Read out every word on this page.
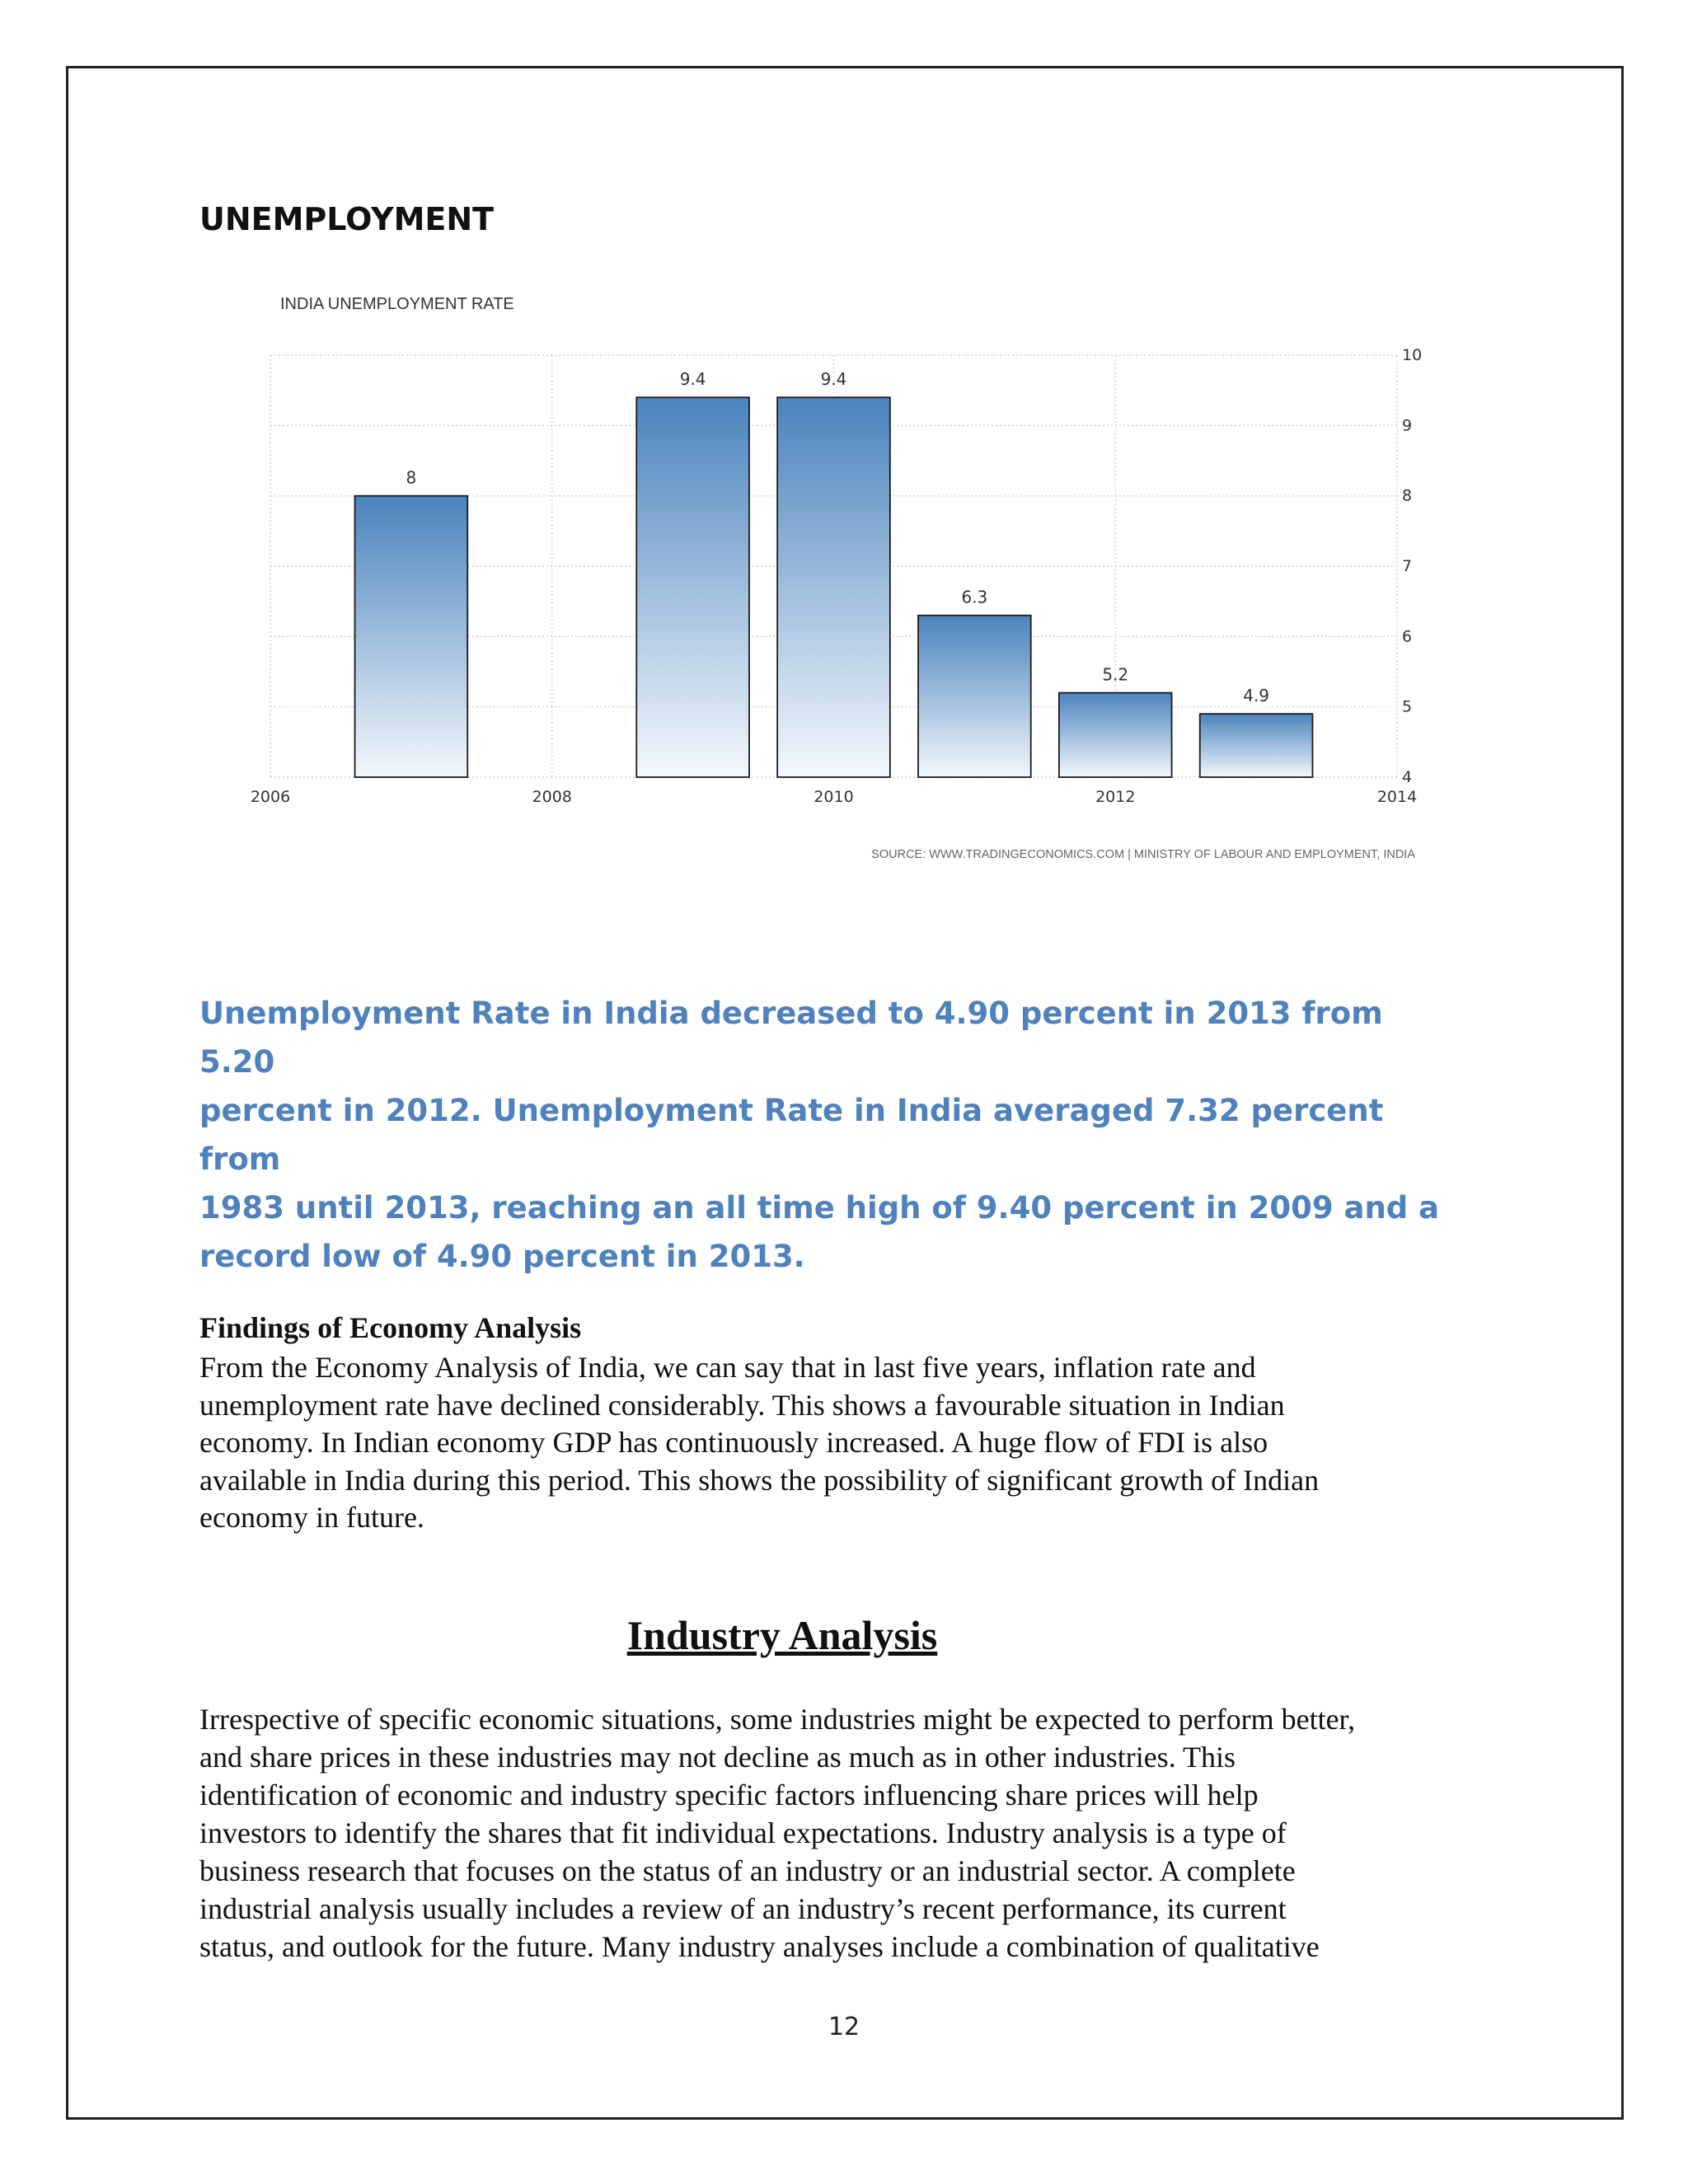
UNEMPLOYMENT
INDIA UNEMPLOYMENT RATE
8
9.4	9.4
6.3
5.2
4.9
2006	2008	2010	2012	2014
4
5
6
7
8
9
10
SOURCE: WWW.TRADINGECONOMICS.COM | MINISTRY OF LABOUR AND EMPLOYMENT, INDIA
Unemployment Rate in India decreased to 4.90 percent in 2013 from 5.20
percent in 2012. Unemployment Rate in India averaged 7.32 percent from
1983 until 2013, reaching an all time high of 9.40 percent in 2009 and a
record low of 4.90 percent in 2013.
Findings of Economy Analysis
From the Economy Analysis of India, we can say that in last five years, inflation rate and
unemployment rate have declined considerably. This shows a favourable situation in Indian
economy. In Indian economy GDP has continuously increased. A huge flow of FDI is also
available in India during this period. This shows the possibility of significant growth of Indian
economy in future.
Industry Analysis
Irrespective of specific economic situations, some industries might be expected to perform better,
and share prices in these industries may not decline as much as in other industries. This
identification of economic and industry specific factors influencing share prices will help
investors to identify the shares that fit individual expectations. Industry analysis is a type of
business research that focuses on the status of an industry or an industrial sector. A complete
industrial analysis usually includes a review of an industry’s recent performance, its current
status, and outlook for the future. Many industry analyses include a combination of qualitative
12
